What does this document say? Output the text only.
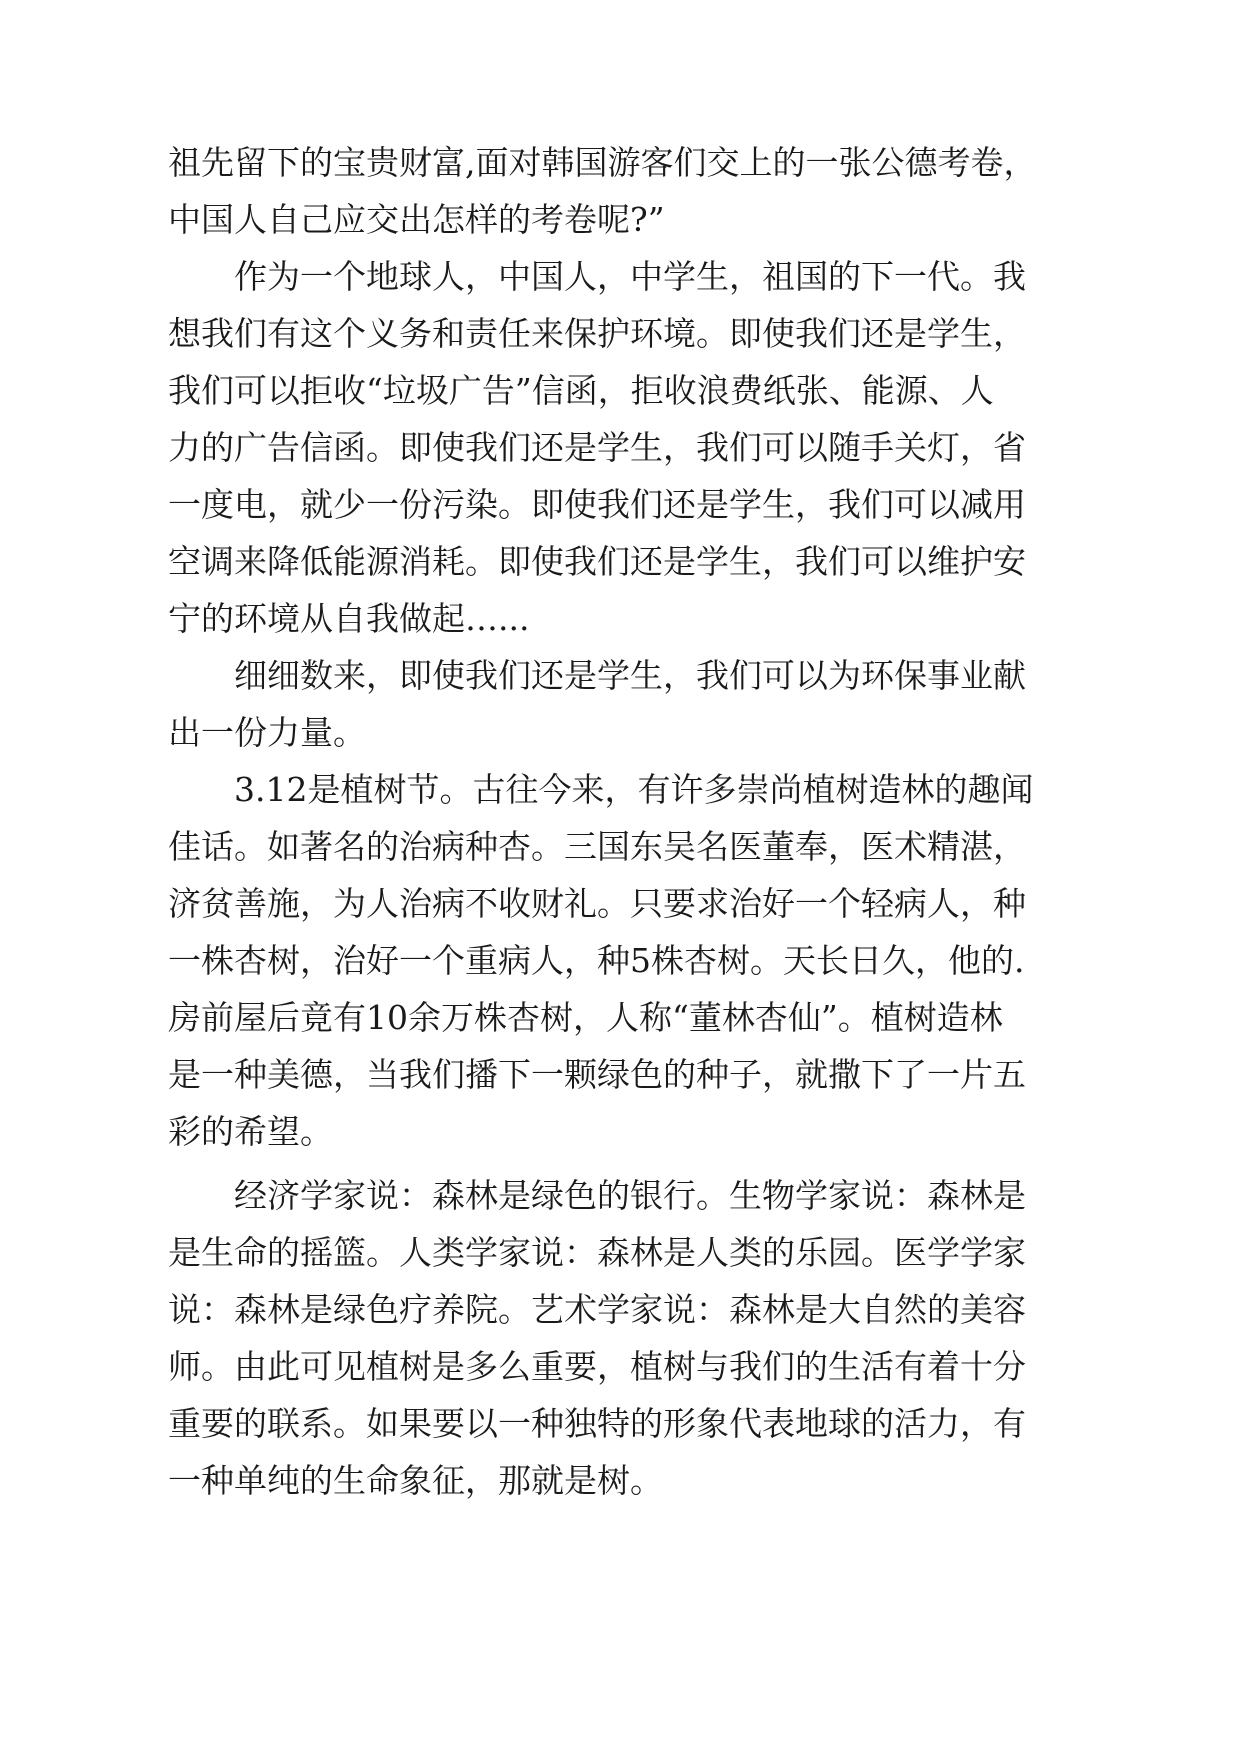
祖先留下的宝贵财富,面对韩国游客们交上的一张公德考卷，
中国人自己应交出怎样的考卷呢?”
作为一个地球人，中国人，中学生，祖国的下一代。我
想我们有这个义务和责任来保护环境。即使我们还是学生，
我们可以拒收“垃圾广告”信函，拒收浪费纸张、能源、人
力的广告信函。即使我们还是学生，我们可以随手关灯，省
一度电，就少一份污染。即使我们还是学生，我们可以减用
空调来降低能源消耗。即使我们还是学生，我们可以维护安
宁的环境从自我做起…...
细细数来，即使我们还是学生，我们可以为环保事业献
出一份力量。
3.12是植树节。古往今来，有许多崇尚植树造林的趣闻
佳话。如著名的治病种杏。三国东吴名医董奉，医术精湛，
济贫善施，为人治病不收财礼。只要求治好一个轻病人，种
一株杏树，治好一个重病人，种5株杏树。天长日久，他的.
房前屋后竟有10余万株杏树，人称“董林杏仙”。植树造林
是一种美德，当我们播下一颗绿色的种子，就撒下了一片五
彩的希望。
经济学家说：森林是绿色的银行。生物学家说：森林是
是生命的摇篮。人类学家说：森林是人类的乐园。医学学家
说：森林是绿色疗养院。艺术学家说：森林是大自然的美容
师。由此可见植树是多么重要，植树与我们的生活有着十分
重要的联系。如果要以一种独特的形象代表地球的活力，有
一种单纯的生命象征，那就是树。
